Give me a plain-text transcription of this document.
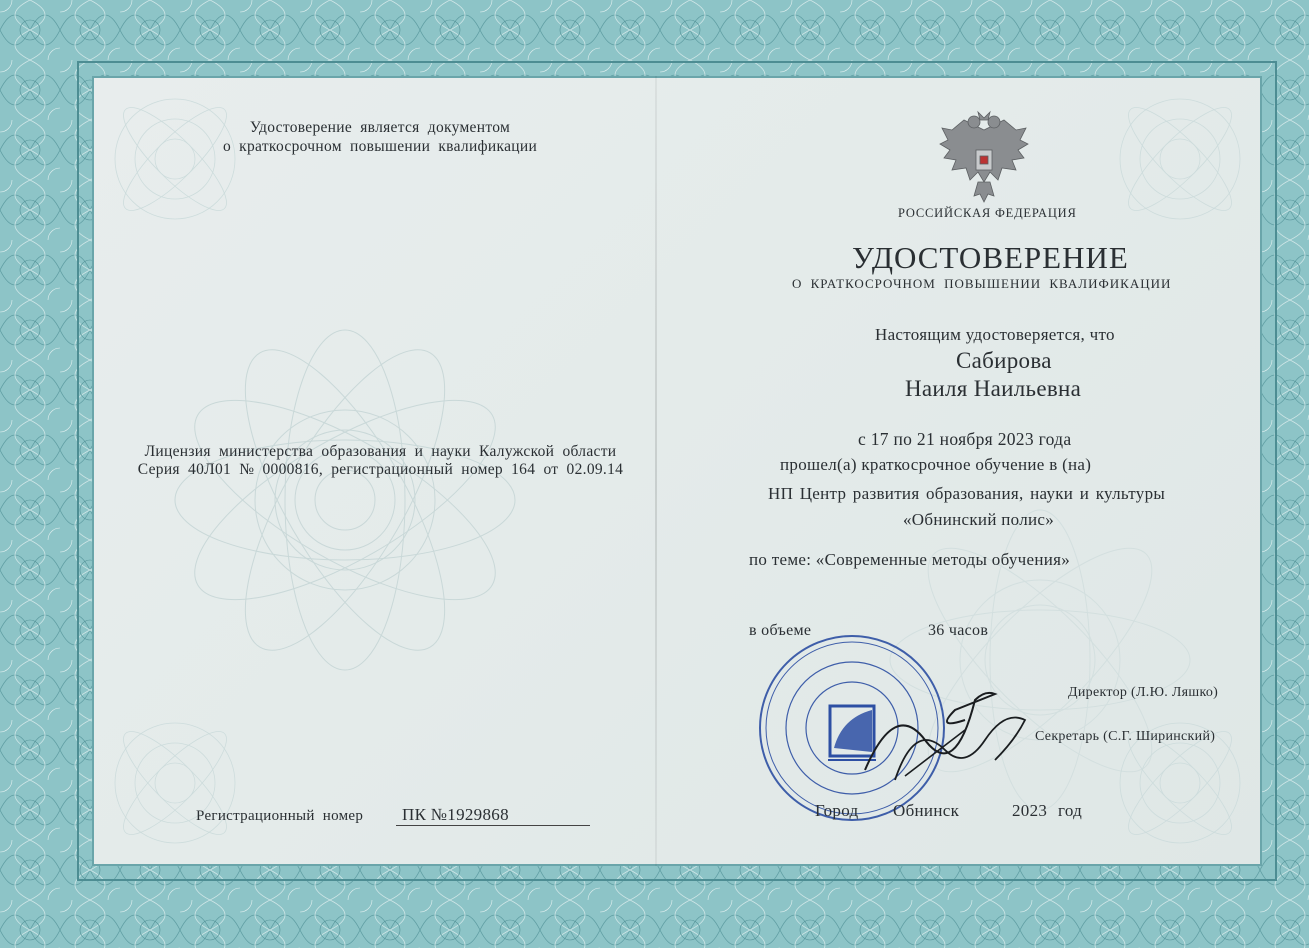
Удостоверение является документом
о краткосрочном повышении квалификации
Лицензия министерства образования и науки Калужской области
Серия 40Л01 № 0000816, регистрационный номер 164 от 02.09.14
Регистрационный номер ПК №1929868
РОССИЙСКАЯ ФЕДЕРАЦИЯ
УДОСТОВЕРЕНИЕ
О КРАТКОСРОЧНОМ ПОВЫШЕНИИ КВАЛИФИКАЦИИ
Настоящим удостоверяется, что
Сабирова
Наиля Наильевна
с 17 по 21 ноября 2023 года
прошел(а) краткосрочное обучение в (на)
НП Центр развития образования, науки и культуры
«Обнинский полис»
по теме: «Современные методы обучения»
в объеме	36 часов
Директор (Л.Ю. Ляшко)
Секретарь (С.Г. Ширинский)
Город Обнинск	2023 год
